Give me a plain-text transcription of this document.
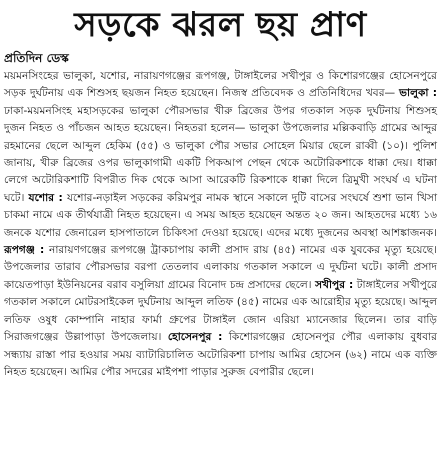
সড়কে ঝরল ছয় প্রাণ
প্রতিদিন ডেস্ক

ময়মনসিংহের ভালুকা, যশোর, নারায়ণগঞ্জের রূপগঞ্জ, টাঙ্গাইলের সখীপুর ও কিশোরগঞ্জের হোসেনপুরে সড়ক দুর্ঘটনায় এক শিশুসহ ছয়জন নিহত হয়েছেন। নিজস্ব প্রতিবেদক ও প্রতিনিধিদের খবর— ভালুকা : ঢাকা-ময়মনসিংহ মহাসড়কের ভালুকা পৌরসভার খীরু ব্রিজের উপর গতকাল সড়ক দুর্ঘটনায় শিশুসহ দুজন নিহত ও পাঁচজন আহত হয়েছেন। নিহতরা হলেন— ভালুকা উপজেলার মল্লিকবাড়ি গ্রামের আব্দুর রহমানের ছেলে আব্দুল হেকিম (৫৫) ও ভালুকা পৌর সভার সোহেল মিয়ার ছেলে রাব্বী (১০)। পুলিশ জানায়, খীরু ব্রিজের ওপর ভালুকাগামী একটি পিকআপ পেছন থেকে অটোরিকশাকে ধাক্কা দেয়। ধাক্কা লেগে অটোরিকশাটি বিপরীত দিক থেকে আসা আরেকটি রিকশাকে ধাক্কা দিলে ত্রিমুখী সংঘর্ষ এ ঘটনা ঘটে। যশোর : যশোর-নড়াইল সড়কের করিমপুর নামক স্থানে সকালে দুটি বাসের সংঘর্ষে শুশা ভান খিসা চাকমা নামে এক তীর্থযাত্রী নিহত হয়েছেন। এ সময় আহত হয়েছেন অন্তত ২০ জন। আহতদের মধ্যে ১৬ জনকে যশোর জেনারেল হাসপাতালে চিকিৎসা দেওয়া হয়েছে। এদের মধ্যে দুজনের অবস্থা আশঙ্কাজনক। রূপগঞ্জ : নারায়ণগঞ্জের রূপগঞ্জে ট্রাকচাপায় কালী প্রসাদ রায় (৪৫) নামের এক যুবকের মৃত্যু হয়েছে। উপজেলার তারাব পৌরসভার বরপা তেতলাব এলাকায় গতকাল সকালে এ দুর্ঘটনা ঘটে। কালী প্রসাদ কায়েতপাড়া ইউনিয়নের বরাব বসুলিয়া গ্রামের বিনোদ চন্দ্র প্রসাদের ছেলে। সখীপুর : টাঙ্গাইলের সখীপুরে গতকাল সকালে মোটরসাইকেল দুর্ঘটনায় আব্দুল লতিফ (৪৫) নামের এক আরোহীর মৃত্যু হয়েছে। আব্দুল লতিফ ওষুধ কোম্পানি নাহার ফার্মা গ্রুপের টাঙ্গাইল জোন এরিয়া ম্যানেজার ছিলেন। তার বাড়ি সিরাজগঞ্জের উল্লাপাড়া উপজেলায়। হোসেনপুর : কিশোরগঞ্জের হোসেনপুর পৌর এলাকায় বুধবার সন্ধ্যায় রাস্তা পার হওয়ার সময় ব্যাটারিচালিত অটোরিকশা চাপায় আমির হোসেন (৬২) নামে এক ব্যক্তি নিহত হয়েছেন। আমির পৌর সদরের মাইপশা পাড়ার সুরুজ বেপারীর ছেলে।
